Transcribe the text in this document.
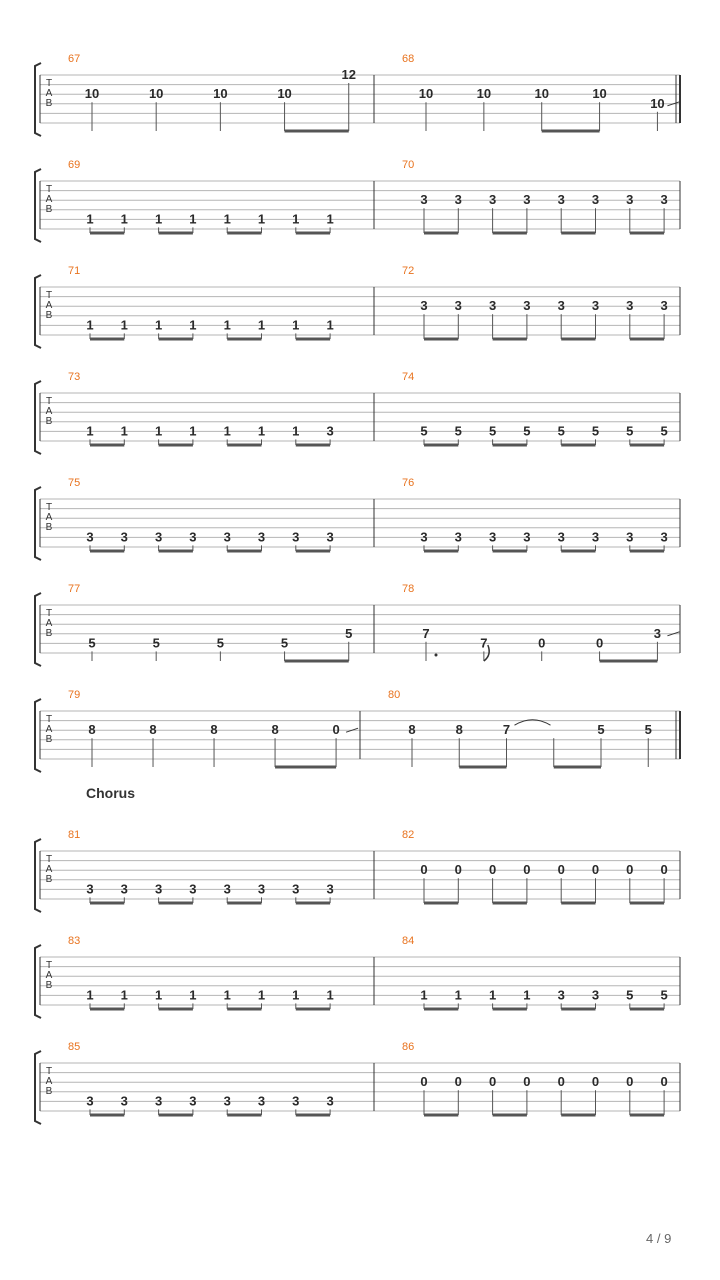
T
A
B
67
10	10	10	10
12
68
10	10	10	10
10
T
A
B
69
1 1 1 1 1 1 1 1
70
3 3 3 3 3 3 3 3
T
A
B
71
1 1 1 1 1 1 1 1
72
3 3 3 3 3 3 3 3
T
A
B
73
1 1 1 1 1 1 1 3
74
5 5 5 5 5 5 5 5
T
A
B
75
3 3 3 3 3 3 3 3
76
3 3 3 3 3 3 3 3
T
A
B
77
5	5	5	5
5
78
7
7	0	0
3
T
A
B
79
8	8	8	8	0
80
8	8	7	5	5
Chorus
T
A
B
81
3 3 3 3 3 3 3 3
82
0 0 0 0 0 0 0 0
T
A
B
83
1 1 1 1 1 1 1 1
84
1 1 1 1 3 3 5 5
T
A
B
85
3 3 3 3 3 3 3 3
86
0 0 0 0 0 0 0 0
4 / 9
